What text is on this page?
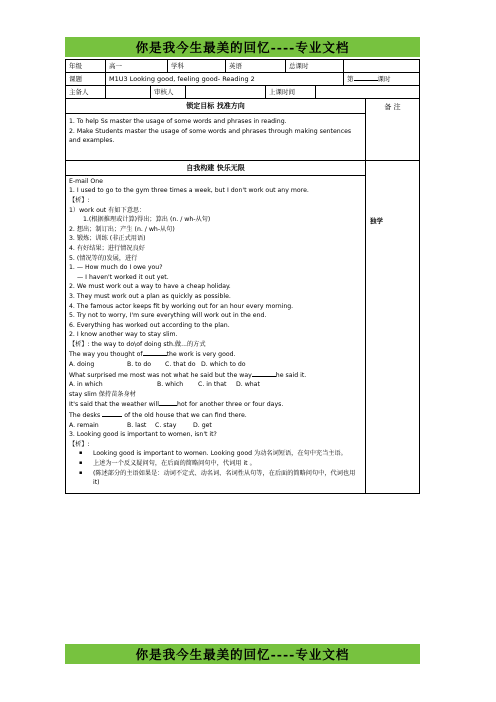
你是我今生最美的回忆----专业文档
年级	高一	学科	英语	总课时
课题	M1U3 Looking good, feeling good- Reading 2	第	课时
主备人	审核人	上课时间
锁定目标 找准方向

1. To help Ss master the usage of some words and phrases in reading.

2. Make Students master the usage of some words and phrases through making sentences and examples.

备 注
自我构建 快乐无限

E-mail One

1. I used to go to the gym three times a week, but I don't work out any more.

【析】:

1）work out 有如下意思：

1.(根据推理或计算)得出；算出 (n. / wh-从句)

2. 想出；制订出；产生 (n. / wh-从句)

3. 锻炼；训练 (非正式用语)

4. 有好结果；进行情况良好

5. (情况等的)发展，进行

1. — How much do I owe you?

— I haven't worked it out yet.

2. We must work out a way to have a cheap holiday.

3. They must work out a plan as quickly as possible.

4. The famous actor keeps fit by working out for an hour every morning.

5. Try not to worry, I'm sure everything will work out in the end.

6. Everything has worked out according to the plan.

2. I know another way to stay slim.

【析】: the way to do\of doing sth.做...的方式

The way you thought of	the work is very good.

A. doing	B. to do C. that do D. which to do

What surprised me most was not what he said but the way	he said it.

A. in which	B. which C. in that D. what

stay slim 保持苗条身材

It's said that the weather will	hot for another three or four days.

The desks	of the old house that we can find there.

A. remain	B. last C. stay	D. get

3. Looking good is important to women, isn't it?

【析】:

▪ Looking good is important to women. Looking good 为动名词短语，在句中充当主语。

▪ 上述为一个反义疑问句，在后面的简略问句中，代词用 it 。

▪ (陈述部分的主语如果是：动词不定式、动名词、名词性从句等，在后面的简略问句中，代词也用 it)

独学
你是我今生最美的回忆----专业文档
